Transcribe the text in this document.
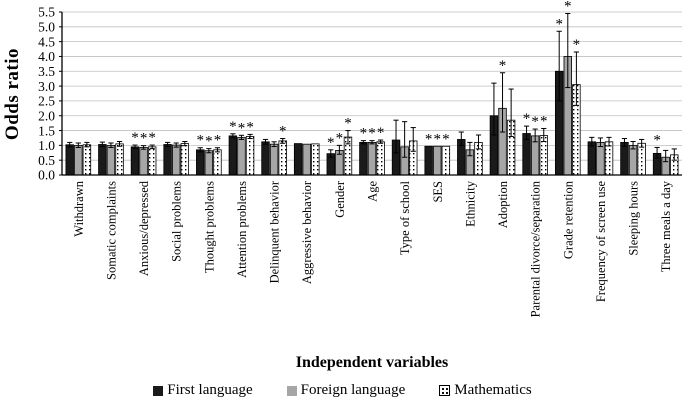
* * *	* * *
* * * *
* *
*
* * *	* * *
*
* * *
*
*
*
*
0.0
0.5
1.0
1.5
2.0
2.5
3.0
3.5
4.0
4.5
5.0
5.5
Withdrawn Somatic complaints Anxious/depressed Social problems Thought problems Attention problems Delinquent behavior Aggressive behavior Gender Age Type of school SES Ethnicity Adoption Parental divorce/separation Grade retention Frequency of screen use Sleeping hours Three meals a day
Odds ratio
Independent variables
First language	Foreign language	Mathematics
